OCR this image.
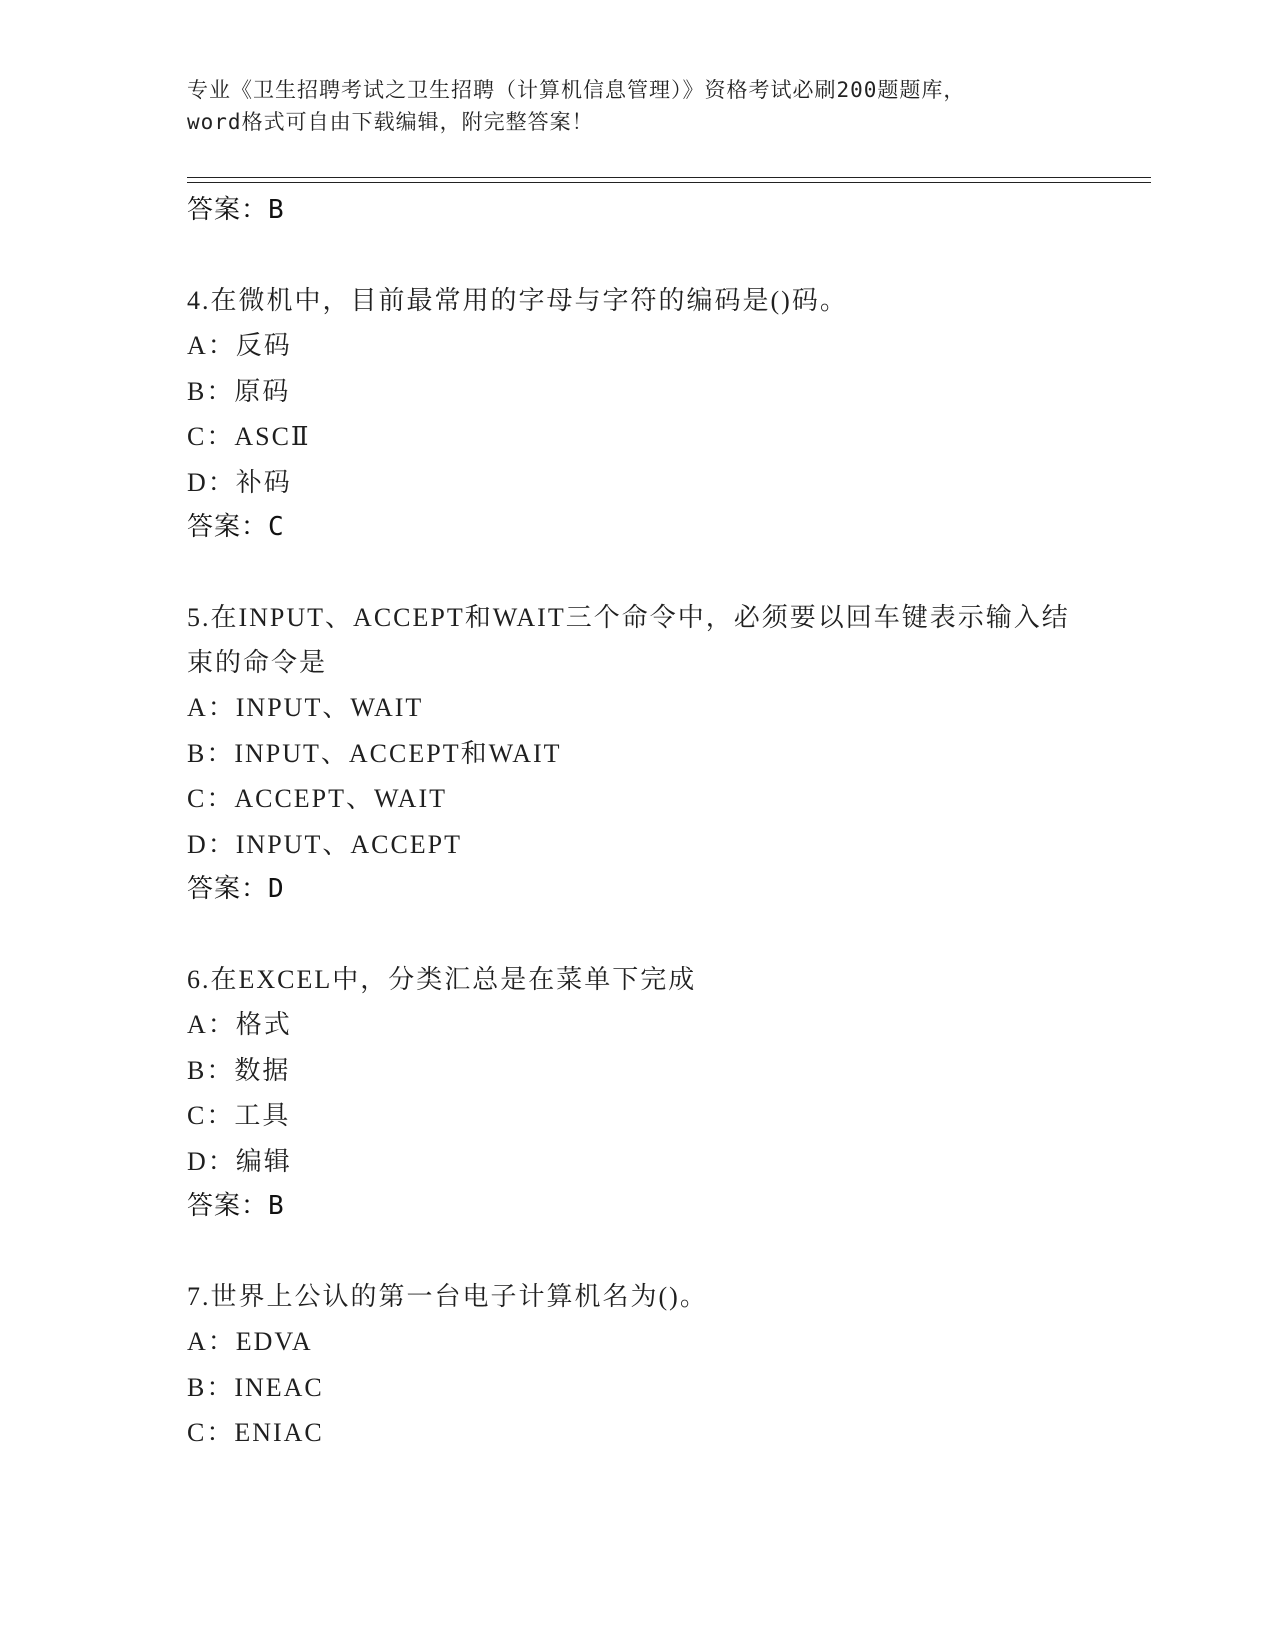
专业《卫生招聘考试之卫生招聘（计算机信息管理）》资格考试必刷200题题库，
word格式可自由下载编辑，附完整答案！
答案：B
4.在微机中，目前最常用的字母与字符的编码是()码。
A：反码
B：原码
C：ASCⅡ
D：补码
答案：C
5.在INPUT、ACCEPT和WAIT三个命令中，必须要以回车键表示输入结
束的命令是
A：INPUT、WAIT
B：INPUT、ACCEPT和WAIT
C：ACCEPT、WAIT
D：INPUT、ACCEPT
答案：D
6.在EXCEL中，分类汇总是在菜单下完成
A：格式
B：数据
C：工具
D：编辑
答案：B
7.世界上公认的第一台电子计算机名为()。
A：EDVA
B：INEAC
C：ENIAC
